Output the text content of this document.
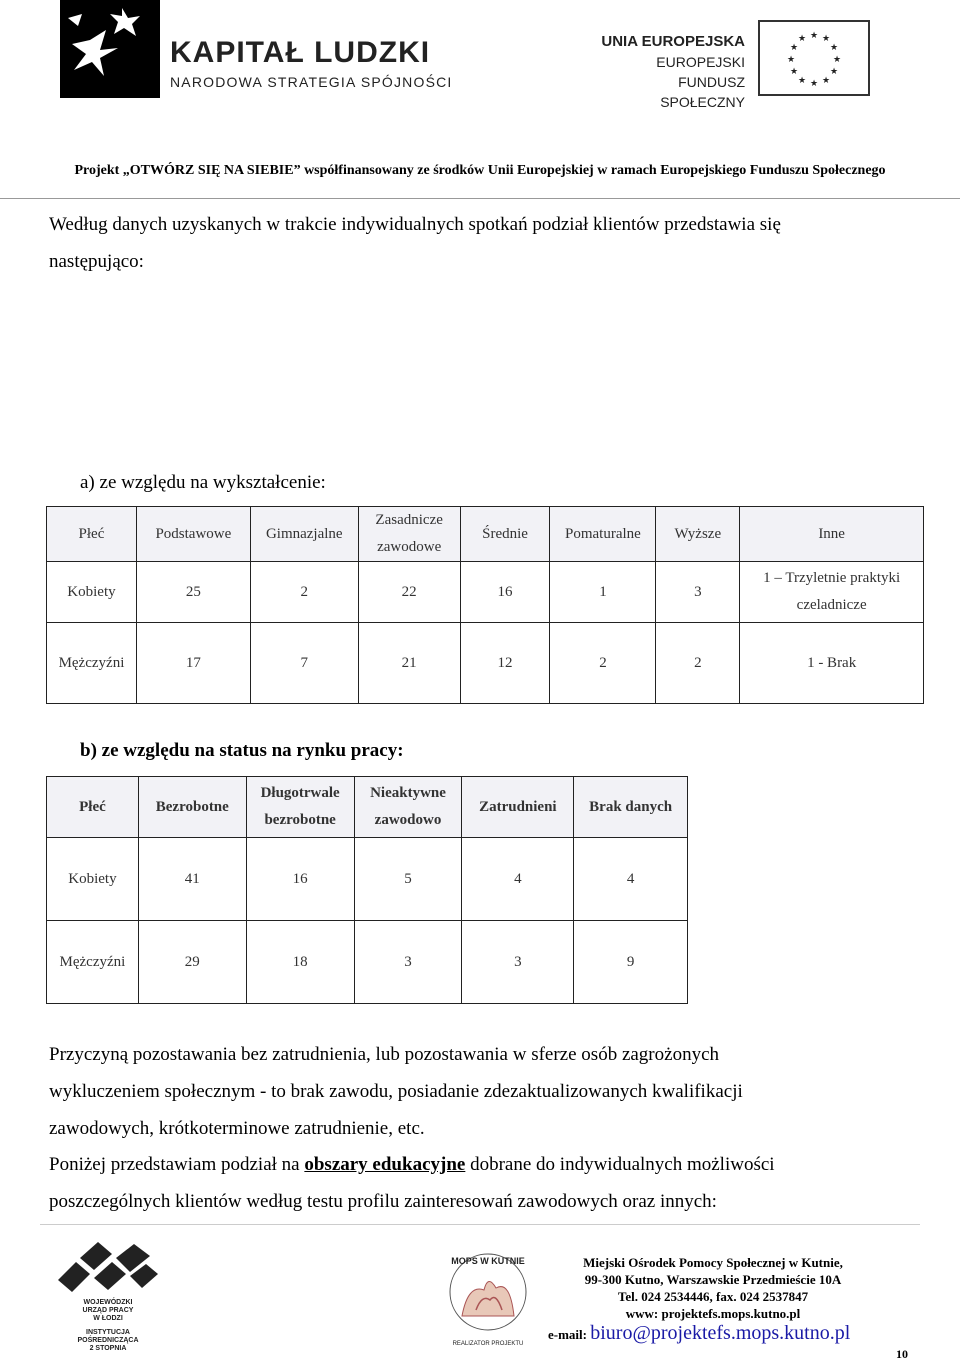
KAPITAŁ LUDZKI
NARODOWA STRATEGIA SPÓJNOŚCI
UNIA EUROPEJSKA
EUROPEJSKI
FUNDUSZ SPOŁECZNY
★ ★
★
★
★
★
★
★
★
★
★
★
Projekt „OTWÓRZ SIĘ NA SIEBIE” współfinansowany ze środków Unii Europejskiej w ramach Europejskiego Funduszu Społecznego

Według danych uzyskanych w trakcie indywidualnych spotkań podział klientów przedstawia się

następująco:

a) ze względu na wykształcenie:
Płeć	Podstawowe	Gimnazjalne	Zasadnicze zawodowe	Średnie	Pomaturalne	Wyższe	Inne
Kobiety	25	2	22	16	1	3	1 – Trzyletnie praktyki czeladnicze
Mężczyźni	17	7	21	12	2	2	1 - Brak
b) ze względu na status na rynku pracy:
Płeć	Bezrobotne	Długotrwale bezrobotne	Nieaktywne zawodowo	Zatrudnieni	Brak danych
Kobiety	41	16	5	4	4
Mężczyźni	29	18	3	3	9

Przyczyną pozostawania bez zatrudnienia, lub pozostawania w sferze osób zagrożonych

wykluczeniem społecznym - to brak zawodu, posiadanie zdezaktualizowanych kwalifikacji

zawodowych, krótkoterminowe zatrudnienie, etc.

Poniżej przedstawiam podział na obszary edukacyjne dobrane do indywidualnych możliwości

poszczególnych klientów według testu profilu zainteresowań zawodowych oraz innych:

WOJEWÓDZKI
URZĄD PRACY
W ŁODZI
INSTYTUCJA
POŚREDNICZĄCA
2 STOPNIA
MOPS W KUTNIE
REALIZATOR PROJEKTU
Miejski Ośrodek Pomocy Społecznej w Kutnie,
99-300 Kutno, Warszawskie Przedmieście 10A
Tel. 024 2534446, fax. 024 2537847
www: projektefs.mops.kutno.pl
e-mail: biuro@projektefs.mops.kutno.pl
10
